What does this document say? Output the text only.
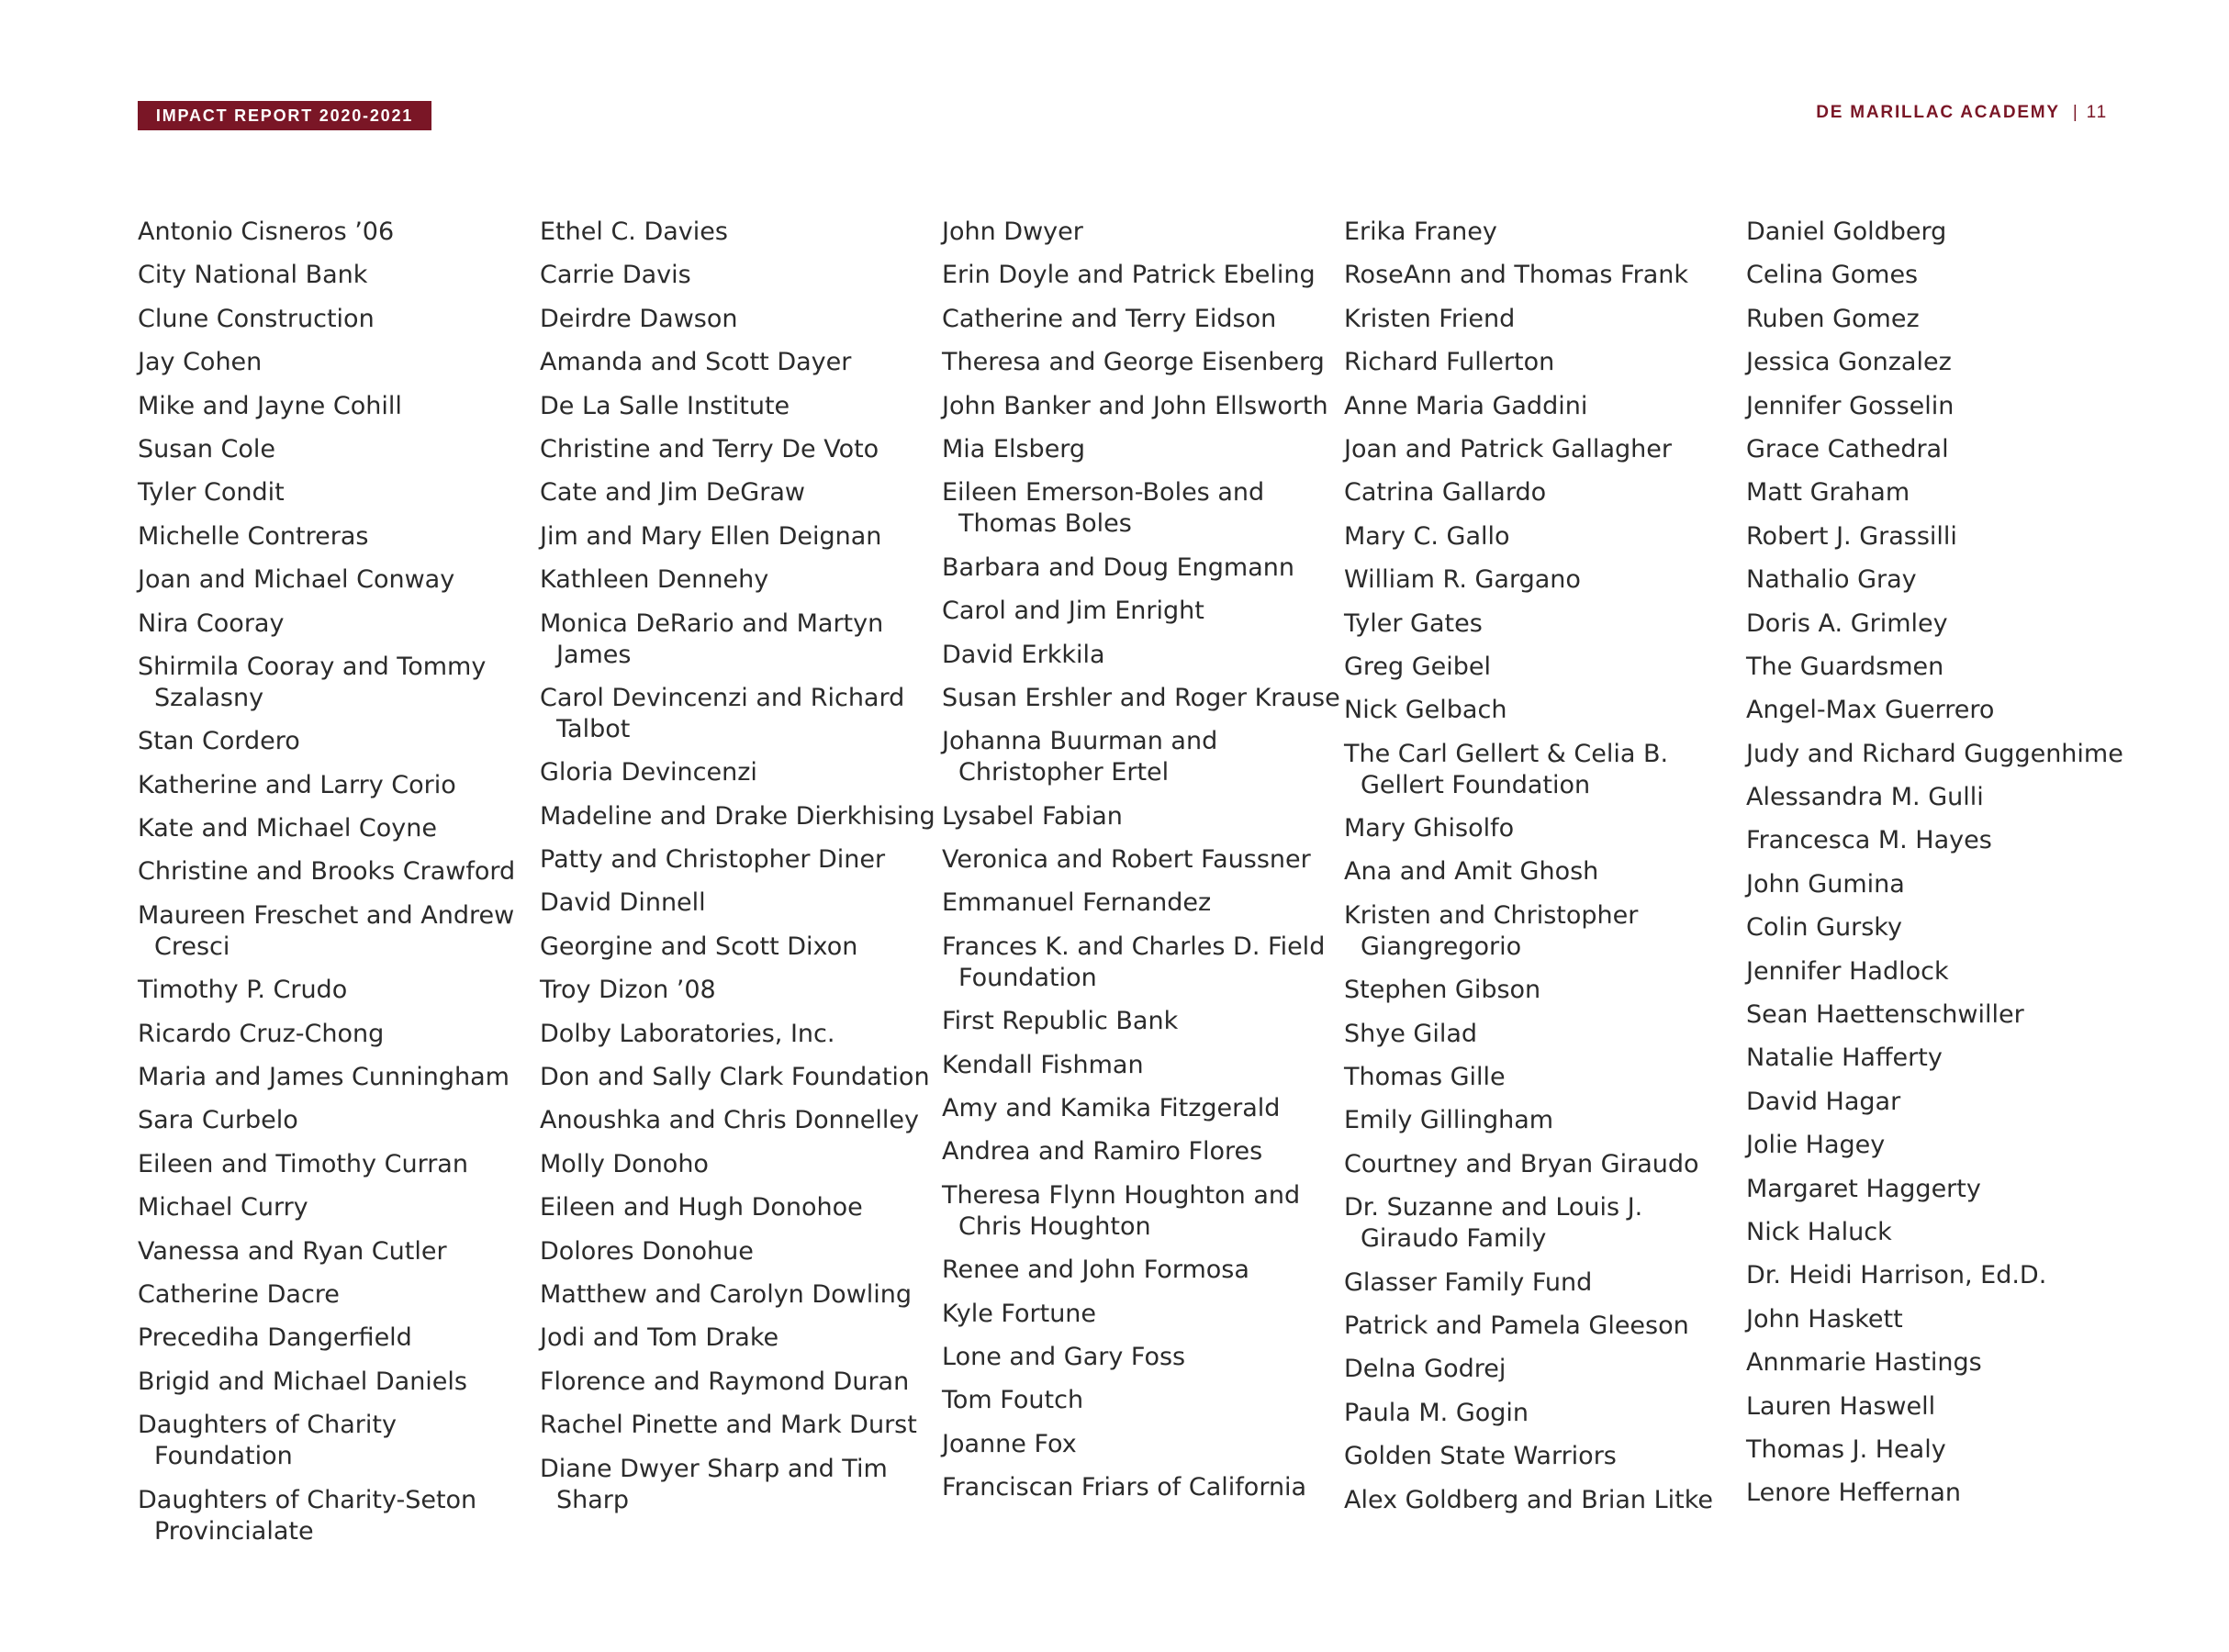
IMPACT REPORT 2020-2021	DE MARILLAC ACADEMY | 11
Antonio Cisneros ’06
City National Bank
Clune Construction
Jay Cohen
Mike and Jayne Cohill
Susan Cole
Tyler Condit
Michelle Contreras
Joan and Michael Conway
Nira Cooray
Shirmila Cooray and Tommy Szalasny
Stan Cordero
Katherine and Larry Corio
Kate and Michael Coyne
Christine and Brooks Crawford
Maureen Freschet and Andrew Cresci
Timothy P. Crudo
Ricardo Cruz-Chong
Maria and James Cunningham
Sara Curbelo
Eileen and Timothy Curran
Michael Curry
Vanessa and Ryan Cutler
Catherine Dacre
Precediha Dangerfield
Brigid and Michael Daniels
Daughters of Charity Foundation
Daughters of Charity-Seton Provincialate
Ethel C. Davies
Carrie Davis
Deirdre Dawson
Amanda and Scott Dayer
De La Salle Institute
Christine and Terry De Voto
Cate and Jim DeGraw
Jim and Mary Ellen Deignan
Kathleen Dennehy
Monica DeRario and Martyn James
Carol Devincenzi and Richard Talbot
Gloria Devincenzi
Madeline and Drake Dierkhising
Patty and Christopher Diner
David Dinnell
Georgine and Scott Dixon
Troy Dizon ’08
Dolby Laboratories, Inc.
Don and Sally Clark Foundation
Anoushka and Chris Donnelley
Molly Donoho
Eileen and Hugh Donohoe
Dolores Donohue
Matthew and Carolyn Dowling
Jodi and Tom Drake
Florence and Raymond Duran
Rachel Pinette and Mark Durst
Diane Dwyer Sharp and Tim Sharp
John Dwyer
Erin Doyle and Patrick Ebeling
Catherine and Terry Eidson
Theresa and George Eisenberg
John Banker and John Ellsworth
Mia Elsberg
Eileen Emerson-Boles and Thomas Boles
Barbara and Doug Engmann
Carol and Jim Enright
David Erkkila
Susan Ershler and Roger Krause
Johanna Buurman and Christopher Ertel
Lysabel Fabian
Veronica and Robert Faussner
Emmanuel Fernandez
Frances K. and Charles D. Field Foundation
First Republic Bank
Kendall Fishman
Amy and Kamika Fitzgerald
Andrea and Ramiro Flores
Theresa Flynn Houghton and Chris Houghton
Renee and John Formosa
Kyle Fortune
Lone and Gary Foss
Tom Foutch
Joanne Fox
Franciscan Friars of California
Erika Franey
RoseAnn and Thomas Frank
Kristen Friend
Richard Fullerton
Anne Maria Gaddini
Joan and Patrick Gallagher
Catrina Gallardo
Mary C. Gallo
William R. Gargano
Tyler Gates
Greg Geibel
Nick Gelbach
The Carl Gellert & Celia B. Gellert Foundation
Mary Ghisolfo
Ana and Amit Ghosh
Kristen and Christopher Giangregorio
Stephen Gibson
Shye Gilad
Thomas Gille
Emily Gillingham
Courtney and Bryan Giraudo
Dr. Suzanne and Louis J. Giraudo Family
Glasser Family Fund
Patrick and Pamela Gleeson
Delna Godrej
Paula M. Gogin
Golden State Warriors
Alex Goldberg and Brian Litke
Daniel Goldberg
Celina Gomes
Ruben Gomez
Jessica Gonzalez
Jennifer Gosselin
Grace Cathedral
Matt Graham
Robert J. Grassilli
Nathalio Gray
Doris A. Grimley
The Guardsmen
Angel-Max Guerrero
Judy and Richard Guggenhime
Alessandra M. Gulli
Francesca M. Hayes
John Gumina
Colin Gursky
Jennifer Hadlock
Sean Haettenschwiller
Natalie Hafferty
David Hagar
Jolie Hagey
Margaret Haggerty
Nick Haluck
Dr. Heidi Harrison, Ed.D.
John Haskett
Annmarie Hastings
Lauren Haswell
Thomas J. Healy
Lenore Heffernan
